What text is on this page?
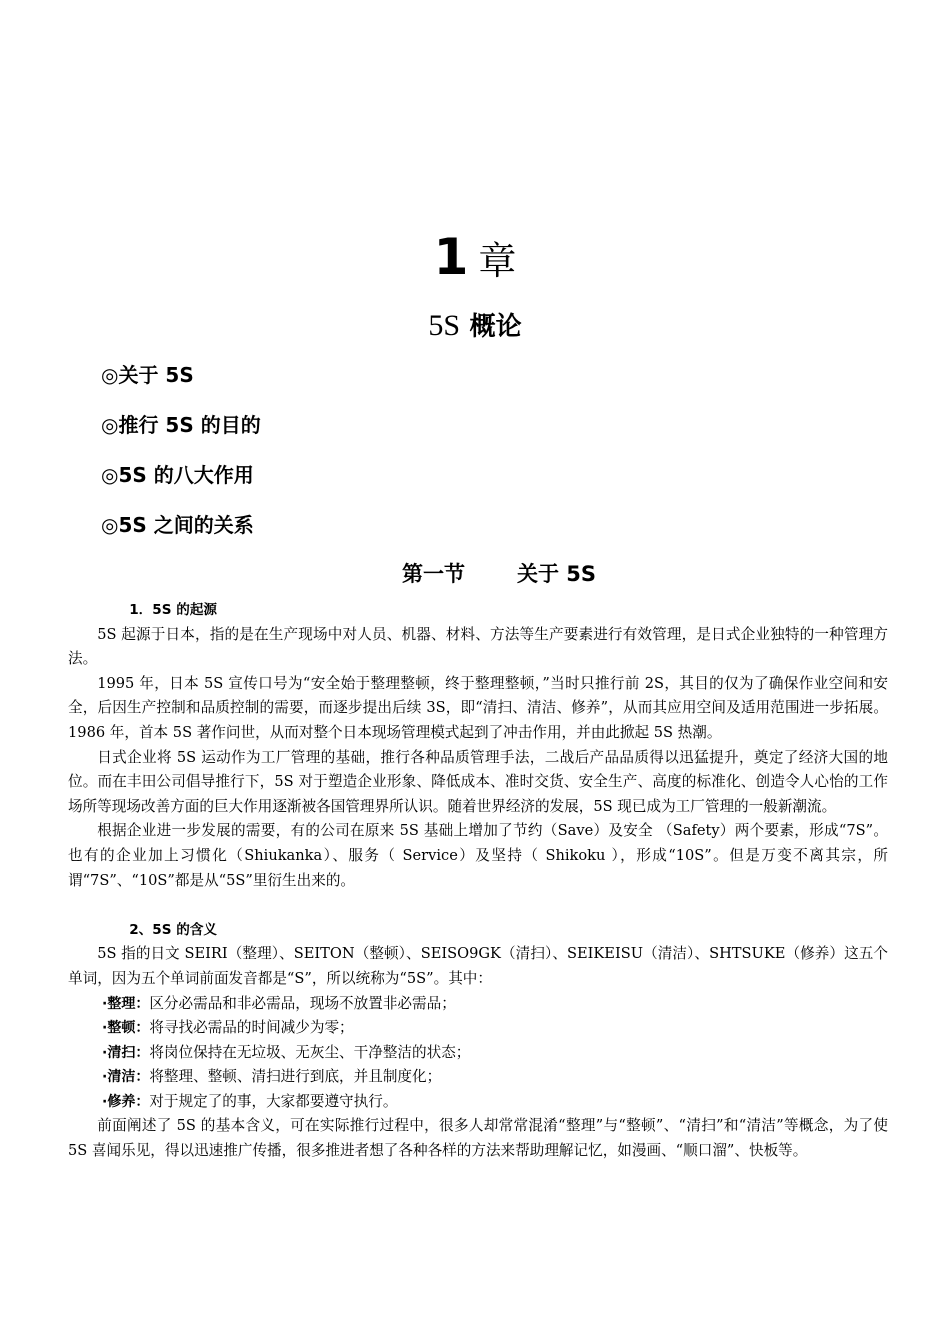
1 章
5S 概论
◎关于 5S
◎推行 5S 的目的
◎5S 的八大作用
◎5S 之间的关系
第一节 关于 5S

1．5S 的起源

5S 起源于日本，指的是在生产现场中对人员、机器、材料、方法等生产要素进行有效管理，是日式企业独特的一种管理方法。

1995 年，日本 5S 宣传口号为“安全始于整理整顿，终于整理整顿，”当时只推行前 2S，其目的仅为了确保作业空间和安全，后因生产控制和品质控制的需要，而逐步提出后续 3S，即“清扫、清洁、修养”，从而其应用空间及适用范围进一步拓展。1986 年，首本 5S 著作问世，从而对整个日本现场管理模式起到了冲击作用，并由此掀起 5S 热潮。

日式企业将 5S 运动作为工厂管理的基础，推行各种品质管理手法，二战后产品品质得以迅猛提升，奠定了经济大国的地位。而在丰田公司倡导推行下，5S 对于塑造企业形象、降低成本、准时交货、安全生产、高度的标准化、创造令人心怡的工作场所等现场改善方面的巨大作用逐渐被各国管理界所认识。随着世界经济的发展，5S 现已成为工厂管理的一般新潮流。

根据企业进一步发展的需要，有的公司在原来 5S 基础上增加了节约（Save）及安全 （Safety）两个要素，形成“7S”。也有的企业加上习惯化（Shiukanka）、服务（ Service）及坚持（ Shikoku ），形成“10S”。但是万变不离其宗，所谓“7S”、“10S”都是从“5S”里衍生出来的。

2、5S 的含义

5S 指的日文 SEIRI（整理）、SEITON（整顿）、SEISO9GK（清扫）、SEIKEISU（清洁）、SHTSUKE（修养）这五个单词，因为五个单词前面发音都是“S”，所以统称为“5S”。其中：

·整理：区分必需品和非必需品，现场不放置非必需品；
·整顿：将寻找必需品的时间减少为零；
·清扫：将岗位保持在无垃圾、无灰尘、干净整洁的状态；
·清洁：将整理、整顿、清扫进行到底，并且制度化；
·修养：对于规定了的事，大家都要遵守执行。

前面阐述了 5S 的基本含义，可在实际推行过程中，很多人却常常混淆“整理”与“整顿”、“清扫”和“清洁”等概念，为了使 5S 喜闻乐见，得以迅速推广传播，很多推进者想了各种各样的方法来帮助理解记忆，如漫画、“顺口溜”、快板等。
